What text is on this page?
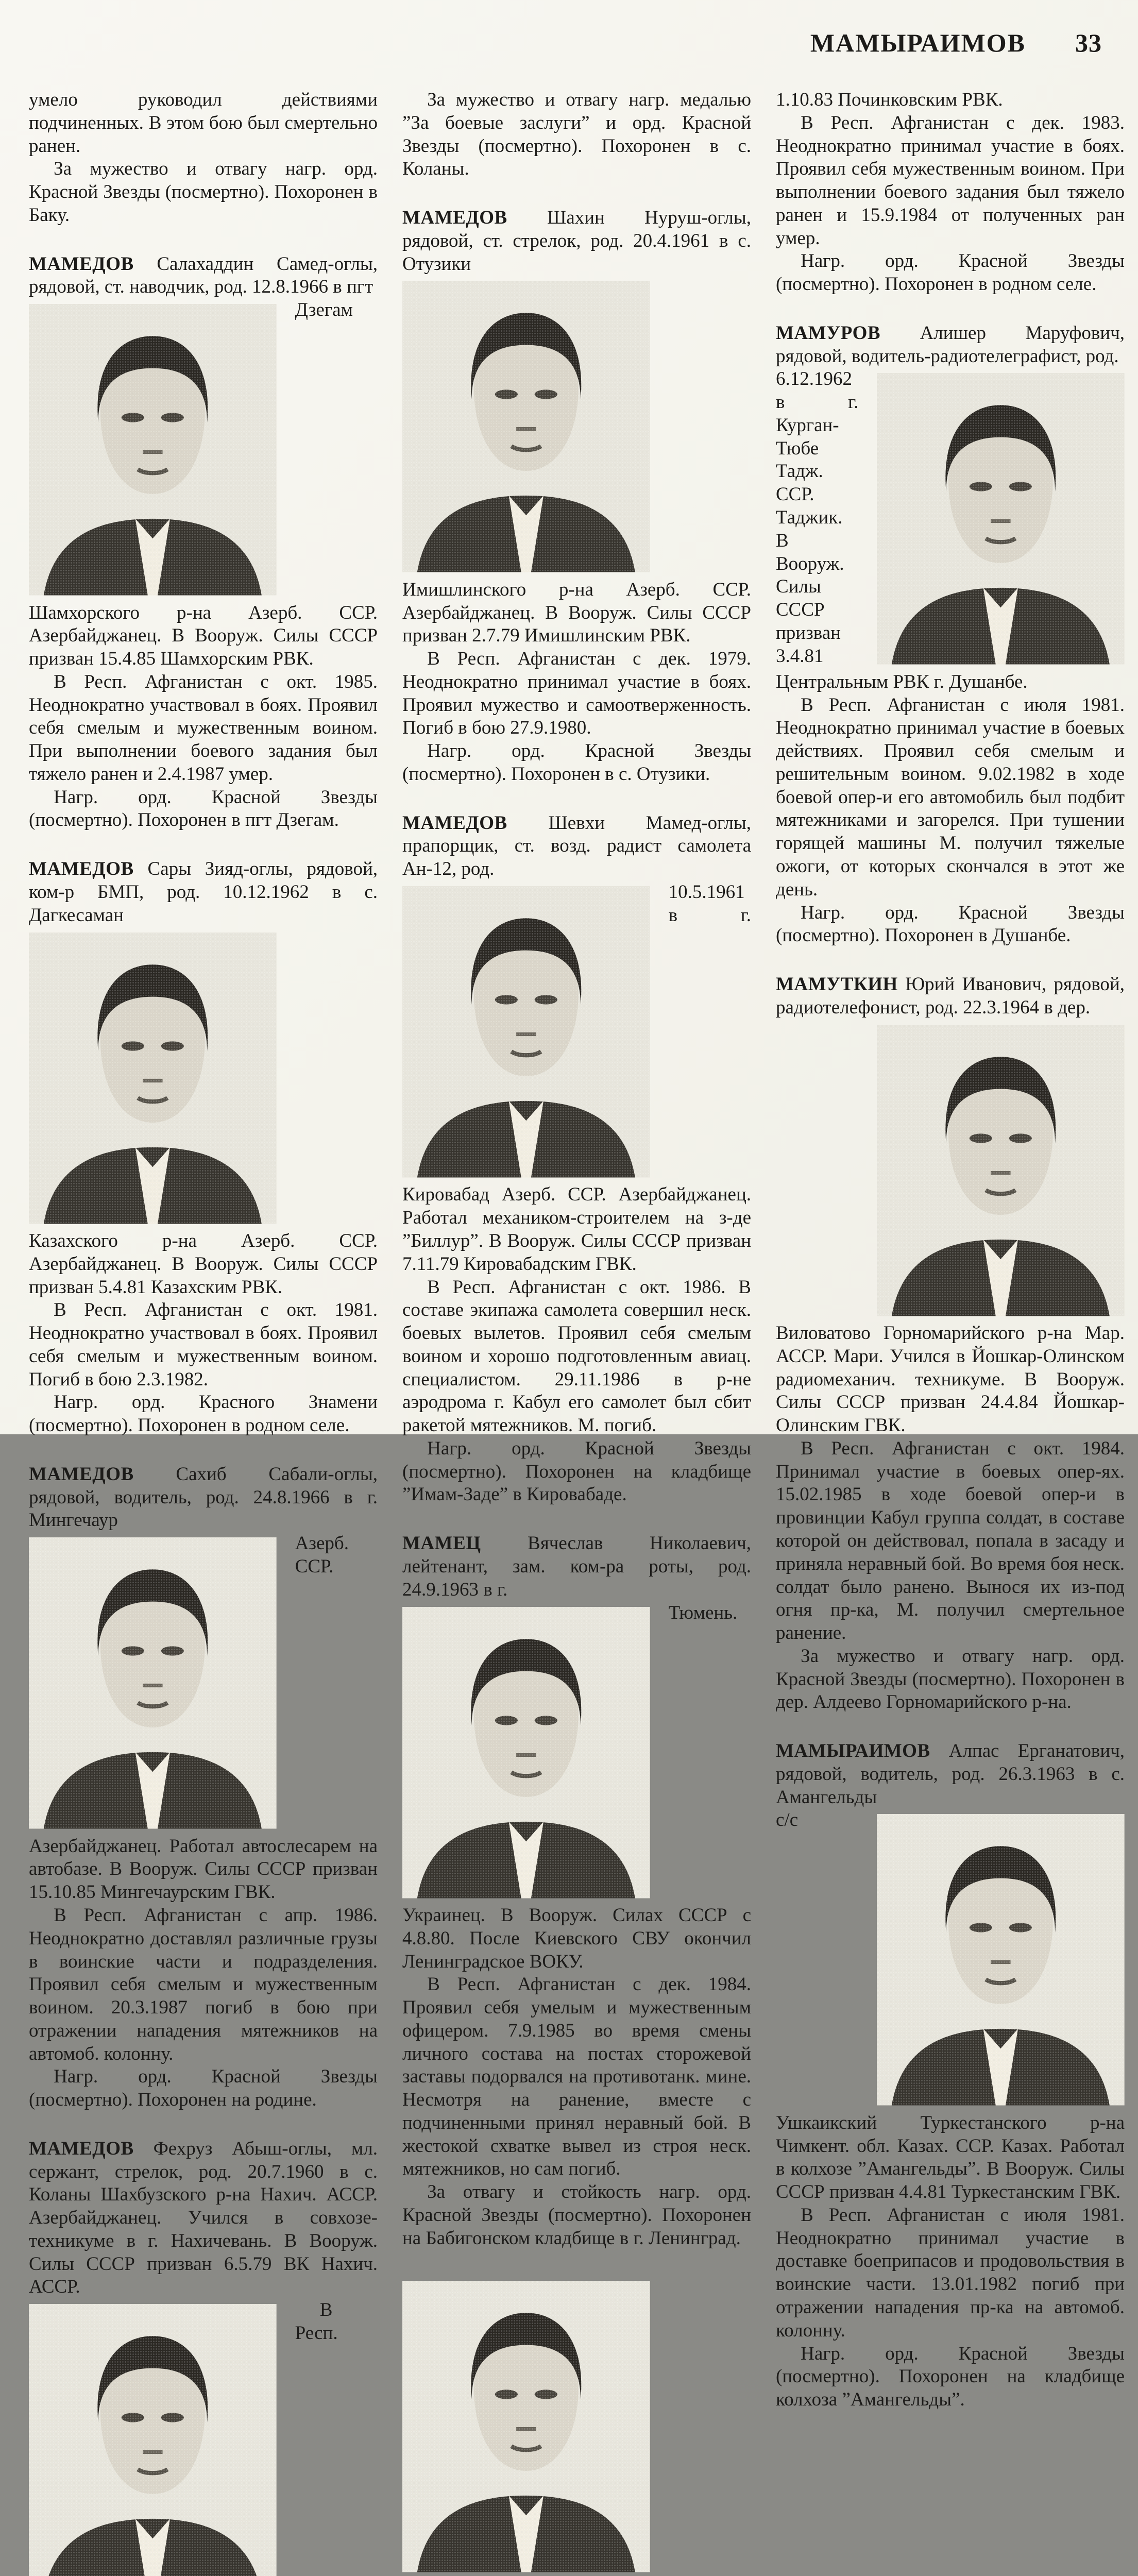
МАМЫРАИМОВ 33

умело руководил действиями подчиненных. В этом бою был смертельно ранен.

За мужество и отвагу нагр. орд. Красной Звезды (посмертно). Похоронен в Баку.

МАМЕДОВ Салахаддин Самед-оглы, рядовой, ст. наводчик, род. 12.8.1966 в пгт

Дзегам Шамхорского р-на Азерб. ССР. Азербайджанец. В Вооруж. Силы СССР призван 15.4.85 Шамхорским РВК.

В Респ. Афганистан с окт. 1985. Неоднократно участвовал в боях. Проявил себя смелым и мужественным воином. При выполнении боевого задания был тяжело ранен и 2.4.1987 умер.

Нагр. орд. Красной Звезды (посмертно). Похоронен в пгт Дзегам.

МАМЕДОВ Сары Зияд-оглы, рядовой, ком-р БМП, род. 10.12.1962 в с. Дагкесаман

Казахского р-на Азерб. ССР. Азербайджанец. В Вооруж. Силы СССР призван 5.4.81 Казахским РВК.

В Респ. Афганистан с окт. 1981. Неоднократно участвовал в боях. Проявил себя смелым и мужественным воином. Погиб в бою 2.3.1982.

Нагр. орд. Красного Знамени (посмертно). Похоронен в родном селе.

МАМЕДОВ Сахиб Сабали-оглы, рядовой, водитель, род. 24.8.1966 в г. Мингечаур

Азерб. ССР. Азербайджанец. Работал автослесарем на автобазе. В Вооруж. Силы СССР призван 15.10.85 Мингечаурским ГВК.

В Респ. Афганистан с апр. 1986. Неоднократно доставлял различные грузы в воинские части и подразделения. Проявил себя смелым и мужественным воином. 20.3.1987 погиб в бою при отражении нападения мятежников на автомоб. колонну.

Нагр. орд. Красной Звезды (посмертно). Похоронен на родине.

МАМЕДОВ Фехруз Абыш-оглы, мл. сержант, стрелок, род. 20.7.1960 в с. Коланы Шахбузского р-на Нахич. АССР. Азербайджанец. Учился в совхозе-техникуме в г. Нахичевань. В Вооруж. Силы СССР призван 6.5.79 ВК Нахич. АССР.

В Респ.

За мужество и отвагу нагр. медалью ”За боевые заслуги” и орд. Красной Звезды (посмертно). Похоронен в с. Коланы.

МАМЕДОВ Шахин Нуруш-оглы, рядовой, ст. стрелок, род. 20.4.1961 в с. Отузики

Имишлинского р-на Азерб. ССР. Азербайджанец. В Вооруж. Силы СССР призван 2.7.79 Имишлинским РВК.

В Респ. Афганистан с дек. 1979. Неоднократно принимал участие в боях. Проявил мужество и самоотверженность. Погиб в бою 27.9.1980.

Нагр. орд. Красной Звезды (посмертно). Похоронен в с. Отузики.

МАМЕДОВ Шевхи Мамед-оглы, прапорщик, ст. возд. радист самолета Ан-12, род.

10.5.1961 в г. Кировабад Азерб. ССР. Азербайджанец. Работал механиком-строителем на з-де ”Биллур”. В Вооруж. Силы СССР призван 7.11.79 Кировабадским ГВК.

В Респ. Афганистан с окт. 1986. В составе экипажа самолета совершил неск. боевых вылетов. Проявил себя смелым воином и хорошо подготовленным авиац. специалистом. 29.11.1986 в р-не аэродрома г. Кабул его самолет был сбит ракетой мятежников. М. погиб.

Нагр. орд. Красной Звезды (посмертно). Похоронен на кладбище ”Имам-Заде” в Кировабаде.

МАМЕЦ Вячеслав Николаевич, лейтенант, зам. ком-ра роты, род. 24.9.1963 в г.

Тюмень. Украинец. В Вооруж. Силах СССР с 4.8.80. После Киевского СВУ окончил Ленинградское ВОКУ.

В Респ. Афганистан с дек. 1984. Проявил себя умелым и мужественным офицером. 7.9.1985 во время смены личного состава на постах сторожевой заставы подорвался на противотанк. мине. Несмотря на ранение, вместе с подчиненными принял неравный бой. В жестокой схватке вывел из строя неск. мятежников, но сам погиб.

За отвагу и стойкость нагр. орд. Красной Звезды (посмертно). Похоронен на Бабигонском кладбище в г. Ленинград.

1.10.83 Починковским РВК.

В Респ. Афганистан с дек. 1983. Неоднократно принимал участие в боях. Проявил себя мужественным воином. При выполнении боевого задания был тяжело ранен и 15.9.1984 от полученных ран умер.

Нагр. орд. Красной Звезды (посмертно). Похоронен в родном селе.

МАМУРОВ Алишер Маруфович, рядовой, водитель-радиотелеграфист, род.

6.12.1962 в г. Курган-Тюбе Тадж. ССР. Таджик. В Вооруж. Силы СССР призван 3.4.81 Центральным РВК г. Душанбе.

В Респ. Афганистан с июля 1981. Неоднократно принимал участие в боевых действиях. Проявил себя смелым и решительным воином. 9.02.1982 в ходе боевой опер-и его автомобиль был подбит мятежниками и загорелся. При тушении горящей машины М. получил тяжелые ожоги, от которых скончался в этот же день.

Нагр. орд. Красной Звезды (посмертно). Похоронен в Душанбе.

МАМУТКИН Юрий Иванович, рядовой, радиотелефонист, род. 22.3.1964 в дер.

Виловатово Горномарийского р-на Мар. АССР. Мари. Учился в Йошкар-Олинском радиомеханич. техникуме. В Вооруж. Силы СССР призван 24.4.84 Йошкар-Олинским ГВК.

В Респ. Афганистан с окт. 1984. Принимал участие в боевых опер-ях. 15.02.1985 в ходе боевой опер-и в провинции Кабул группа солдат, в составе которой он действовал, попала в засаду и приняла неравный бой. Во время боя неск. солдат было ранено. Вынося их из-под огня пр-ка, М. получил смертельное ранение.

За мужество и отвагу нагр. орд. Красной Звезды (посмертно). Похоронен в дер. Алдеево Горномарийского р-на.

МАМЫРАИМОВ Алпас Ерганатович, рядовой, водитель, род. 26.3.1963 в с. Амангельды

с/с Ушкаикский Туркестанского р-на Чимкент. обл. Казах. ССР. Казах. Работал в колхозе ”Амангельды”. В Вооруж. Силы СССР призван 4.4.81 Туркестанским ГВК.

В Респ. Афганистан с июля 1981. Неоднократно принимал участие в доставке боеприпасов и продовольствия в воинские части. 13.01.1982 погиб при отражении нападения пр-ка на автомоб. колонну.

Нагр. орд. Красной Звезды (посмертно). Похоронен на кладбище колхоза ”Амангельды”.
